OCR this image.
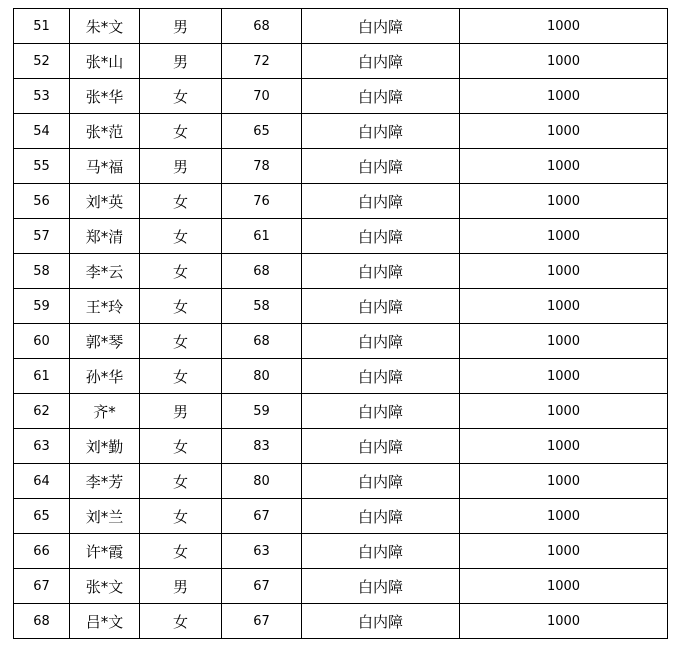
51	朱*文	男	68	白内障	1000
52	张*山	男	72	白内障	1000
53	张*华	女	70	白内障	1000
54	张*范	女	65	白内障	1000
55	马*福	男	78	白内障	1000
56	刘*英	女	76	白内障	1000
57	郑*清	女	61	白内障	1000
58	李*云	女	68	白内障	1000
59	王*玲	女	58	白内障	1000
60	郭*琴	女	68	白内障	1000
61	孙*华	女	80	白内障	1000
62	齐*	男	59	白内障	1000
63	刘*勤	女	83	白内障	1000
64	李*芳	女	80	白内障	1000
65	刘*兰	女	67	白内障	1000
66	许*霞	女	63	白内障	1000
67	张*文	男	67	白内障	1000
68	吕*文	女	67	白内障	1000
